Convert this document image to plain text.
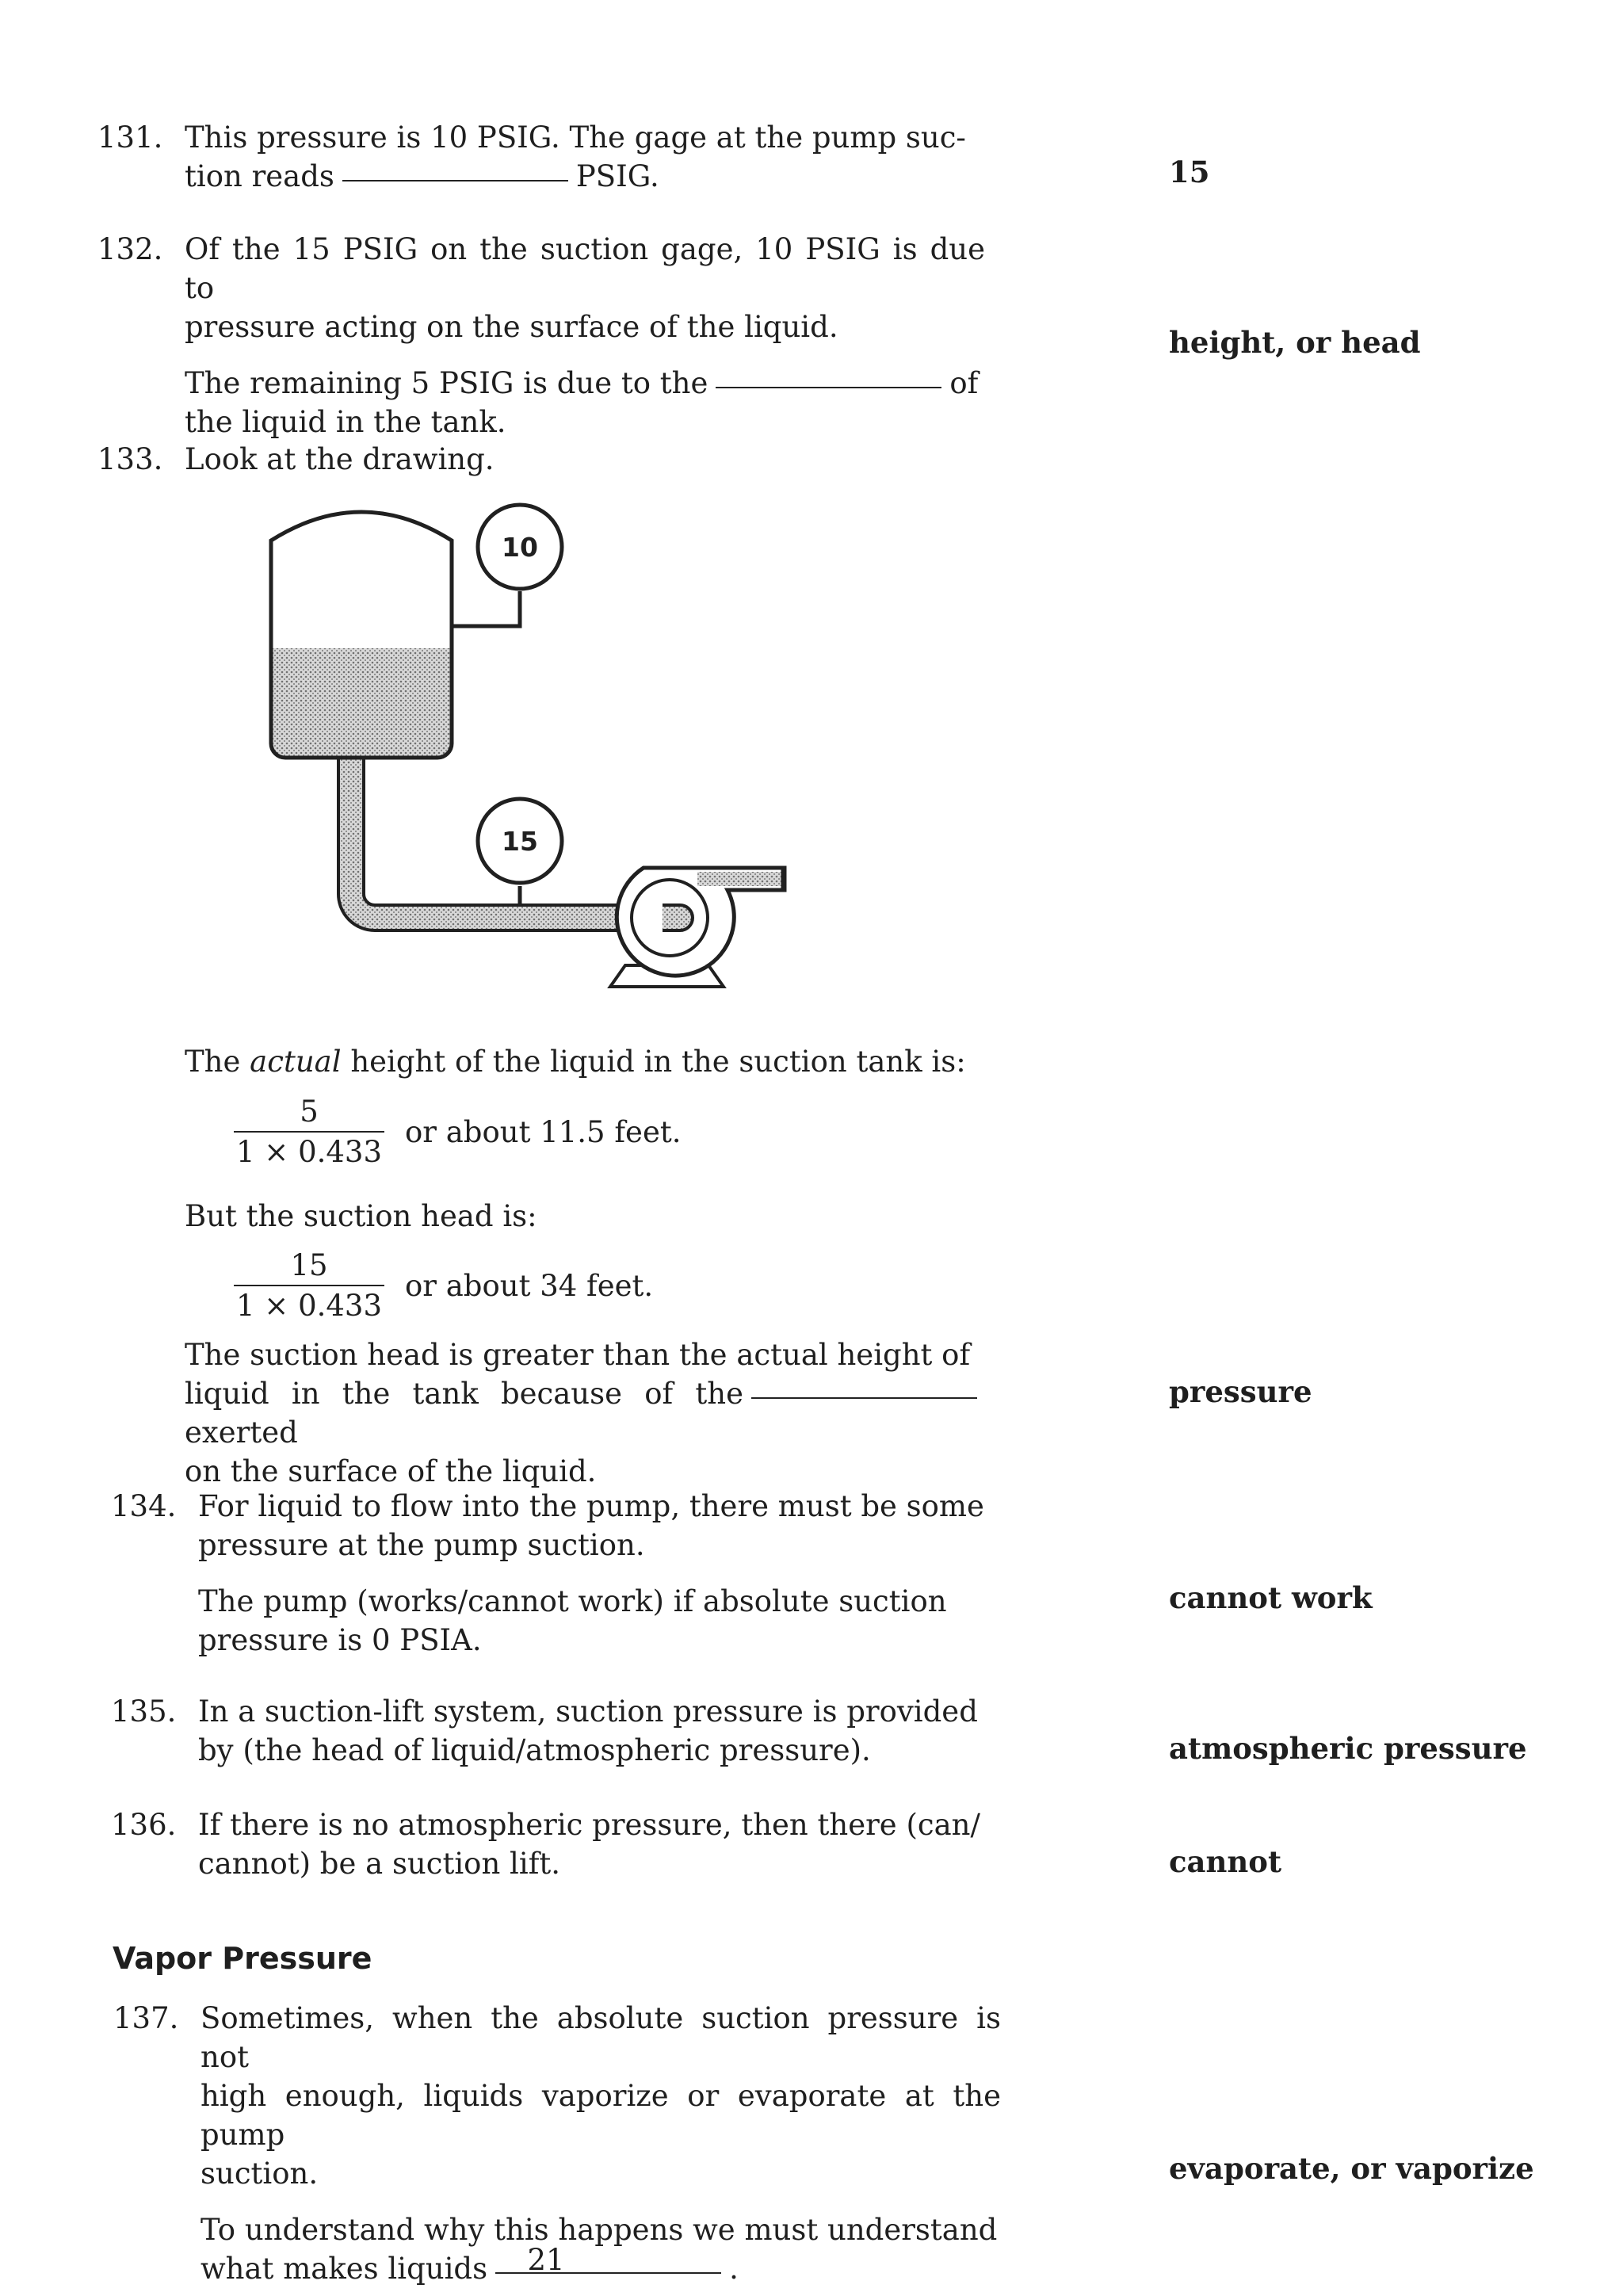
131. This pressure is 10 PSIG. The gage at the pump suc-
tion reads	PSIG.	15

132. Of the 15 PSIG on the suction gage, 10 PSIG is due to
pressure acting on the surface of the liquid.

The remaining 5 PSIG is due to the	of
the liquid in the tank.

height, or head

133. Look at the drawing.

10
15

The actual height of the liquid in the suction tank is:

$\frac{5}{1 \times 0.433}$ or about 11.5 feet.

But the suction head is:

$\frac{15}{1 \times 0.433}$ or about 34 feet.

The suction head is greater than the actual height of
liquid in the tank because of theexerted
on the surface of the liquid.

pressure

134. For liquid to flow into the pump, there must be some
pressure at the pump suction.

The pump (works/cannot work) if absolute suction
pressure is 0 PSIA.

cannot work

135. In a suction-lift system, suction pressure is provided
by (the head of liquid/atmospheric pressure).	atmospheric pressure

136. If there is no atmospheric pressure, then there (can/
cannot) be a suction lift.	cannot

Vapor Pressure

137. Sometimes, when the absolute suction pressure is not
high enough, liquids vaporize or evaporate at the pump
suction.

To understand why this happens we must understand
what makes liquids	.

evaporate, or vaporize

21
